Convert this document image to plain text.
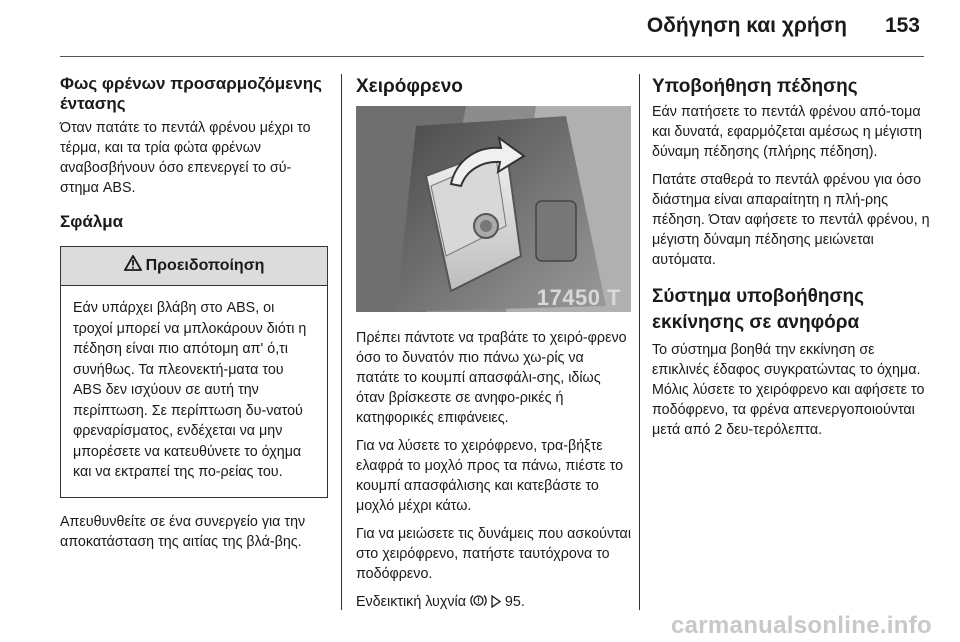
Οδήγηση και χρήση 153
Φως φρένων προσαρμοζόμενης έντασης

Όταν πατάτε το πεντάλ φρένου μέχρι το τέρμα, και τα τρία φώτα φρένων αναβοσβήνουν όσο επενεργεί το σύ-στημα ABS.

Σφάλμα
Προειδοποίηση
Εάν υπάρχει βλάβη στο ABS, οι τροχοί μπορεί να μπλοκάρουν διότι η πέδηση είναι πιο απότομη απ' ό,τι συνήθως. Τα πλεονεκτή-ματα του ABS δεν ισχύουν σε αυτή την περίπτωση. Σε περίπτωση δυ-νατού φρεναρίσματος, ενδέχεται να μην μπορέσετε να κατευθύνετε το όχημα και να εκτραπεί της πο-ρείας του.

Απευθυνθείτε σε ένα συνεργείο για την αποκατάσταση της αιτίας της βλά-βης.

Χειρόφρενο
17450 T

Πρέπει πάντοτε να τραβάτε το χειρό-φρενο όσο το δυνατόν πιο πάνω χω-ρίς να πατάτε το κουμπί απασφάλι-σης, ιδίως όταν βρίσκεστε σε ανηφο-ρικές ή κατηφορικές επιφάνειες.

Για να λύσετε το χειρόφρενο, τρα-βήξτε ελαφρά το μοχλό προς τα πάνω, πιέστε το κουμπί απασφάλισης και κατεβάστε το μοχλό μέχρι κάτω.

Για να μειώσετε τις δυνάμεις που ασκούνται στο χειρόφρενο, πατήστε ταυτόχρονα το ποδόφρενο.

Ενδεικτική λυχνία	95.

Υποβοήθηση πέδησης

Εάν πατήσετε το πεντάλ φρένου από-τομα και δυνατά, εφαρμόζεται αμέσως η μέγιστη δύναμη πέδησης (πλήρης πέδηση).

Πατάτε σταθερά το πεντάλ φρένου για όσο διάστημα είναι απαραίτητη η πλή-ρης πέδηση. Όταν αφήσετε το πεντάλ φρένου, η μέγιστη δύναμη πέδησης μειώνεται αυτόματα.

Σύστημα υποβοήθησης εκκίνησης σε ανηφόρα

Το σύστημα βοηθά την εκκίνηση σε επικλινές έδαφος συγκρατώντας το όχημα. Μόλις λύσετε το χειρόφρενο και αφήσετε το ποδόφρενο, τα φρένα απενεργοποιούνται μετά από 2 δευ-τερόλεπτα.

carmanualsonline.info
